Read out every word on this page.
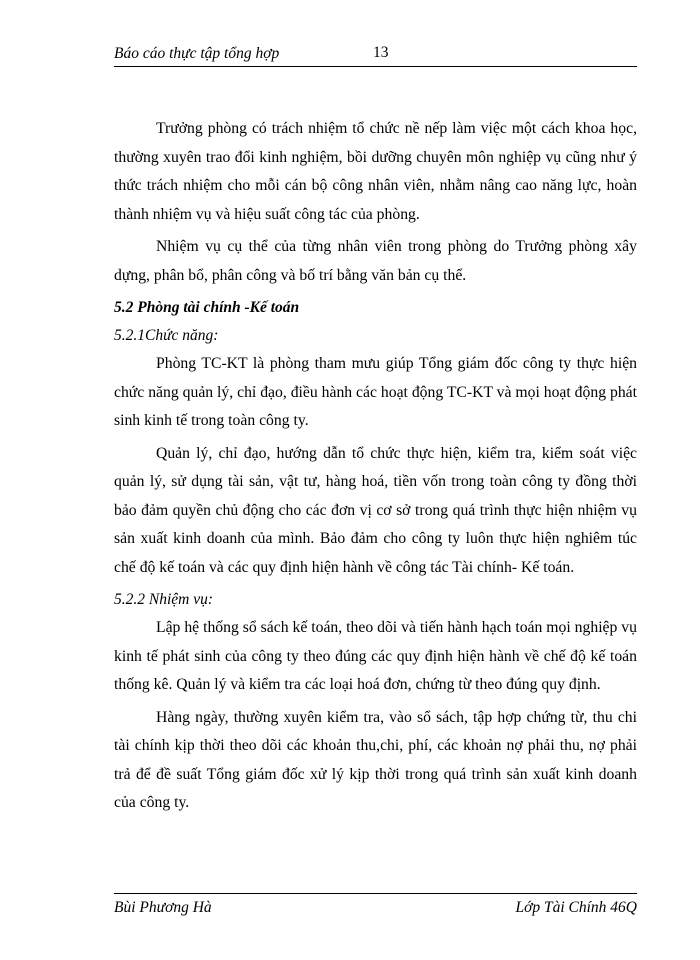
Báo cáo thực tập tổng hợp	13

Trưởng phòng có trách nhiệm tổ chức nề nếp làm việc một cách khoa học, thường xuyên trao đổi kinh nghiệm, bồi dưỡng chuyên môn nghiệp vụ cũng như ý thức trách nhiệm cho mỗi cán bộ công nhân viên, nhằm nâng cao năng lực, hoàn thành nhiệm vụ và hiệu suất công tác của phòng.

Nhiệm vụ cụ thể của từng nhân viên trong phòng do Trưởng phòng xây dựng, phân bổ, phân công và bố trí bằng văn bản cụ thể.

5.2 Phòng tài chính -Kế toán

5.2.1Chức năng:

Phòng TC-KT là phòng tham mưu giúp Tổng giám đốc công ty thực hiện chức năng quản lý, chỉ đạo, điều hành các hoạt động TC-KT và mọi hoạt động phát sinh kinh tế trong toàn công ty.

Quản lý, chỉ đạo, hướng dẫn tổ chức thực hiện, kiểm tra, kiểm soát việc quản lý, sử dụng tài sản, vật tư, hàng hoá, tiền vốn trong toàn công ty đồng thời bảo đảm quyền chủ động cho các đơn vị cơ sở trong quá trình thực hiện nhiệm vụ sản xuất kinh doanh của mình. Bảo đảm cho công ty luôn thực hiện nghiêm túc chế độ kế toán và các quy định hiện hành về công tác Tài chính- Kế toán.

5.2.2 Nhiệm vụ:

Lập hệ thống sổ sách kế toán, theo dõi và tiến hành hạch toán mọi nghiệp vụ kinh tế phát sinh của công ty theo đúng các quy định hiện hành về chế độ kế toán thống kê. Quản lý và kiểm tra các loại hoá đơn, chứng từ theo đúng quy định.

Hàng ngày, thường xuyên kiểm tra, vào sổ sách, tập hợp chứng từ, thu chi tài chính kịp thời theo dõi các khoản thu,chi, phí, các khoản nợ phải thu, nợ phải trả để đề suất Tổng giám đốc xử lý kịp thời trong quá trình sản xuất kinh doanh của công ty.

Bùi Phương Hà	Lớp Tài Chính 46Q
